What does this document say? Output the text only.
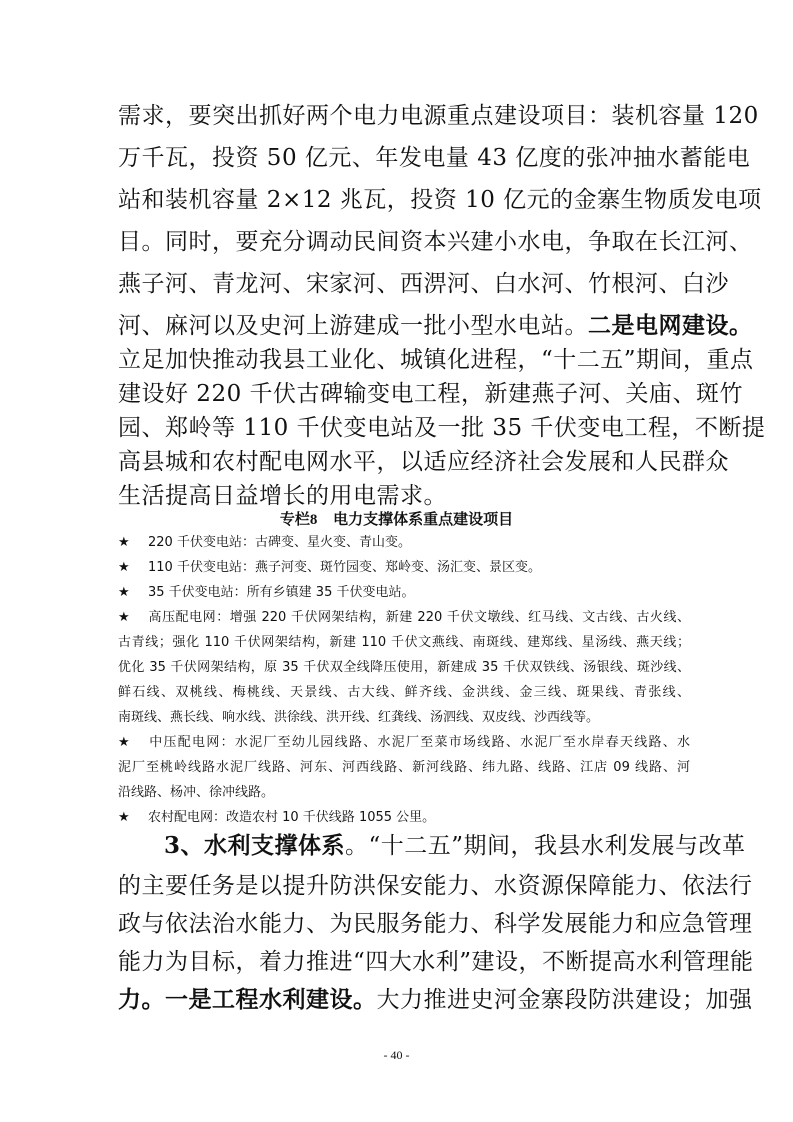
需求，要突出抓好两个电力电源重点建设项目：装机容量 120
万千瓦，投资 50 亿元、年发电量 43 亿度的张冲抽水蓄能电
站和装机容量 2×12 兆瓦，投资 10 亿元的金寨生物质发电项
目。同时，要充分调动民间资本兴建小水电，争取在长江河、
燕子河、青龙河、宋家河、西淠河、白水河、竹根河、白沙
河、麻河以及史河上游建成一批小型水电站。二是电网建设。
立足加快推动我县工业化、城镇化进程，“十二五”期间，重点
建设好 220 千伏古碑输变电工程，新建燕子河、关庙、斑竹
园、郑岭等 110 千伏变电站及一批 35 千伏变电工程，不断提
高县城和农村配电网水平，以适应经济社会发展和人民群众
专栏8 电力支撑体系重点建设项目
★ 220 千伏变电站：古碑变、星火变、青山变。
★ 110 千伏变电站：燕子河变、斑竹园变、郑岭变、汤汇变、景区变。
★ 35 千伏变电站：所有乡镇建 35 千伏变电站。
★ 高压配电网：增强 220 千伏网架结构，新建 220 千伏文墩线、红马线、文古线、古火线、
古青线；强化 110 千伏网架结构，新建 110 千伏文燕线、南斑线、建郑线、星汤线、燕天线；
优化 35 千伏网架结构，原 35 千伏双全线降压使用，新建成 35 千伏双铁线、汤银线、斑沙线、
鲜石线、双桃线、梅桃线、天景线、古大线、鲜齐线、金洪线、金三线、斑果线、青张线、
南斑线、燕长线、响水线、洪徐线、洪开线、红龚线、汤泗线、双皮线、沙西线等。
★ 中压配电网：水泥厂至幼儿园线路、水泥厂至菜市场线路、水泥厂至水岸春天线路、水
泥厂至桃岭线路水泥厂线路、河东、河西线路、新河线路、纬九路、线路、江店 09 线路、河
沿线路、杨冲、徐冲线路。
★ 农村配电网：改造农村 10 千伏线路 1055 公里。
3、水利支撑体系。“十二五”期间，我县水利发展与改革
的主要任务是以提升防洪保安能力、水资源保障能力、依法行
政与依法治水能力、为民服务能力、科学发展能力和应急管理
能力为目标，着力推进“四大水利”建设，不断提高水利管理能
- 40 -
生活提高日益增长的用电需求。
力。一是工程水利建设。大力推进史河金寨段防洪建设；加强
